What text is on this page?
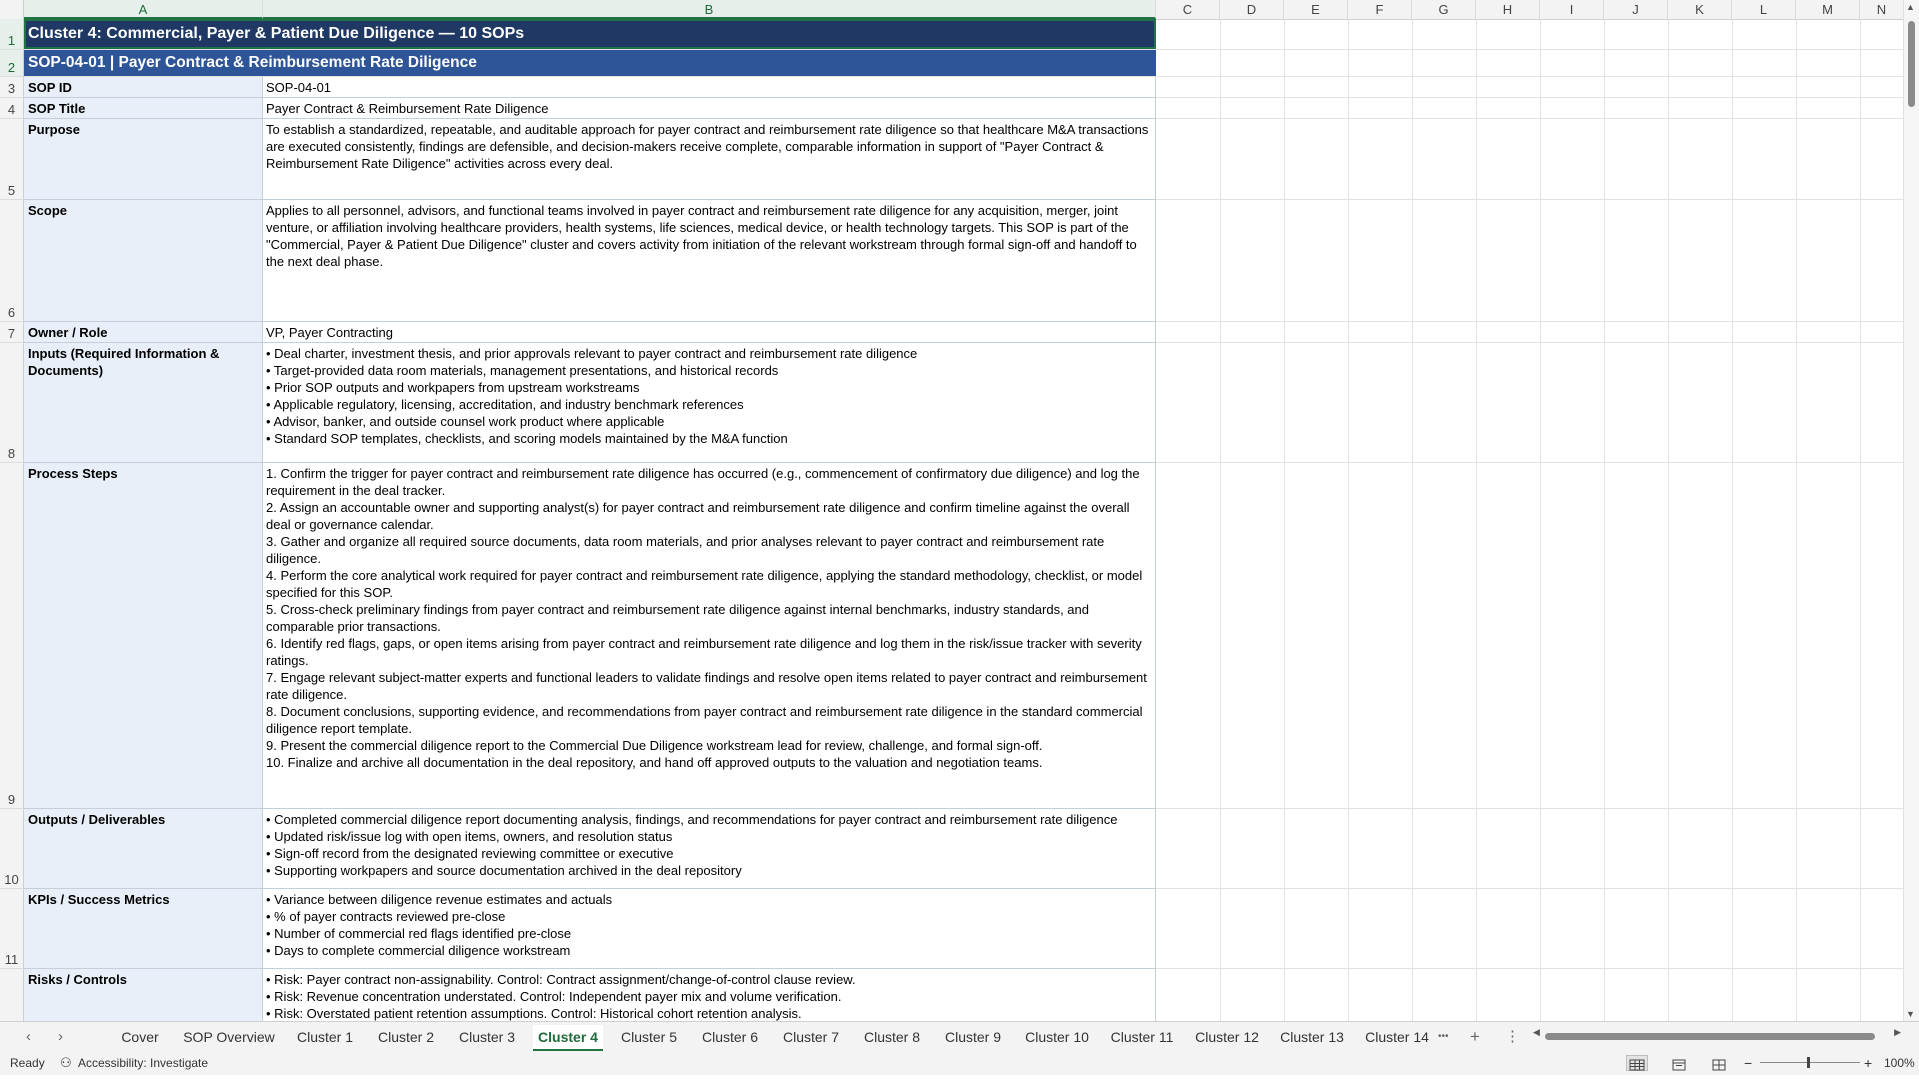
A	B	C	D	E	F	G	H	I	J	K	L	M	N
1
2
3
4
5
6
7
8
9
10
11
Cluster 4: Commercial, Payer & Patient Due Diligence — 10 SOPs
SOP-04-01 | Payer Contract & Reimbursement Rate Diligence
SOP ID	SOP-04-01
SOP Title	Payer Contract & Reimbursement Rate Diligence
Purpose	To establish a standardized, repeatable, and auditable approach for payer contract and reimbursement rate diligence so that healthcare M&A transactions are executed consistently, findings are defensible, and decision-makers receive complete, comparable information in support of "Payer Contract & Reimbursement Rate Diligence" activities across every deal.
Scope	Applies to all personnel, advisors, and functional teams involved in payer contract and reimbursement rate diligence for any acquisition, merger, joint venture, or affiliation involving healthcare providers, health systems, life sciences, medical device, or health technology targets. This SOP is part of the "Commercial, Payer & Patient Due Diligence" cluster and covers activity from initiation of the relevant workstream through formal sign-off and handoff to the next deal phase.
Owner / Role	VP, Payer Contracting
Inputs (Required Information & Documents)
• Deal charter, investment thesis, and prior approvals relevant to payer contract and reimbursement rate diligence
• Target-provided data room materials, management presentations, and historical records
• Prior SOP outputs and workpapers from upstream workstreams
• Applicable regulatory, licensing, accreditation, and industry benchmark references
• Advisor, banker, and outside counsel work product where applicable
• Standard SOP templates, checklists, and scoring models maintained by the M&A function
Process Steps	1. Confirm the trigger for payer contract and reimbursement rate diligence has occurred (e.g., commencement of confirmatory due diligence) and log the requirement in the deal tracker.
2. Assign an accountable owner and supporting analyst(s) for payer contract and reimbursement rate diligence and confirm timeline against the overall deal or governance calendar.
3. Gather and organize all required source documents, data room materials, and prior analyses relevant to payer contract and reimbursement rate diligence.
4. Perform the core analytical work required for payer contract and reimbursement rate diligence, applying the standard methodology, checklist, or model specified for this SOP.
5. Cross-check preliminary findings from payer contract and reimbursement rate diligence against internal benchmarks, industry standards, and comparable prior transactions.
6. Identify red flags, gaps, or open items arising from payer contract and reimbursement rate diligence and log them in the risk/issue tracker with severity ratings.
7. Engage relevant subject-matter experts and functional leaders to validate findings and resolve open items related to payer contract and reimbursement rate diligence.
8. Document conclusions, supporting evidence, and recommendations from payer contract and reimbursement rate diligence in the standard commercial diligence report template.
9. Present the commercial diligence report to the Commercial Due Diligence workstream lead for review, challenge, and formal sign-off.
10. Finalize and archive all documentation in the deal repository, and hand off approved outputs to the valuation and negotiation teams.
Outputs / Deliverables	• Completed commercial diligence report documenting analysis, findings, and recommendations for payer contract and reimbursement rate diligence
• Updated risk/issue log with open items, owners, and resolution status
• Sign-off record from the designated reviewing committee or executive
• Supporting workpapers and source documentation archived in the deal repository
KPIs / Success Metrics	• Variance between diligence revenue estimates and actuals
• % of payer contracts reviewed pre-close
• Number of commercial red flags identified pre-close
• Days to complete commercial diligence workstream
Risks / Controls	• Risk: Payer contract non-assignability. Control: Contract assignment/change-of-control clause review.
• Risk: Revenue concentration understated. Control: Independent payer mix and volume verification.
• Risk: Overstated patient retention assumptions. Control: Historical cohort retention analysis.
▲
▼
‹ ›	Cover	SOP Overview	Cluster 1	Cluster 2	Cluster 3	Cluster 4	Cluster 5	Cluster 6	Cluster 7	Cluster 8	Cluster 9	Cluster 10	Cluster 11	Cluster 12	Cluster 13	Cluster 14 ••• + ⋮ ◀	▶
Ready ⚇ Accessibility: Investigate	−	+ 100%
